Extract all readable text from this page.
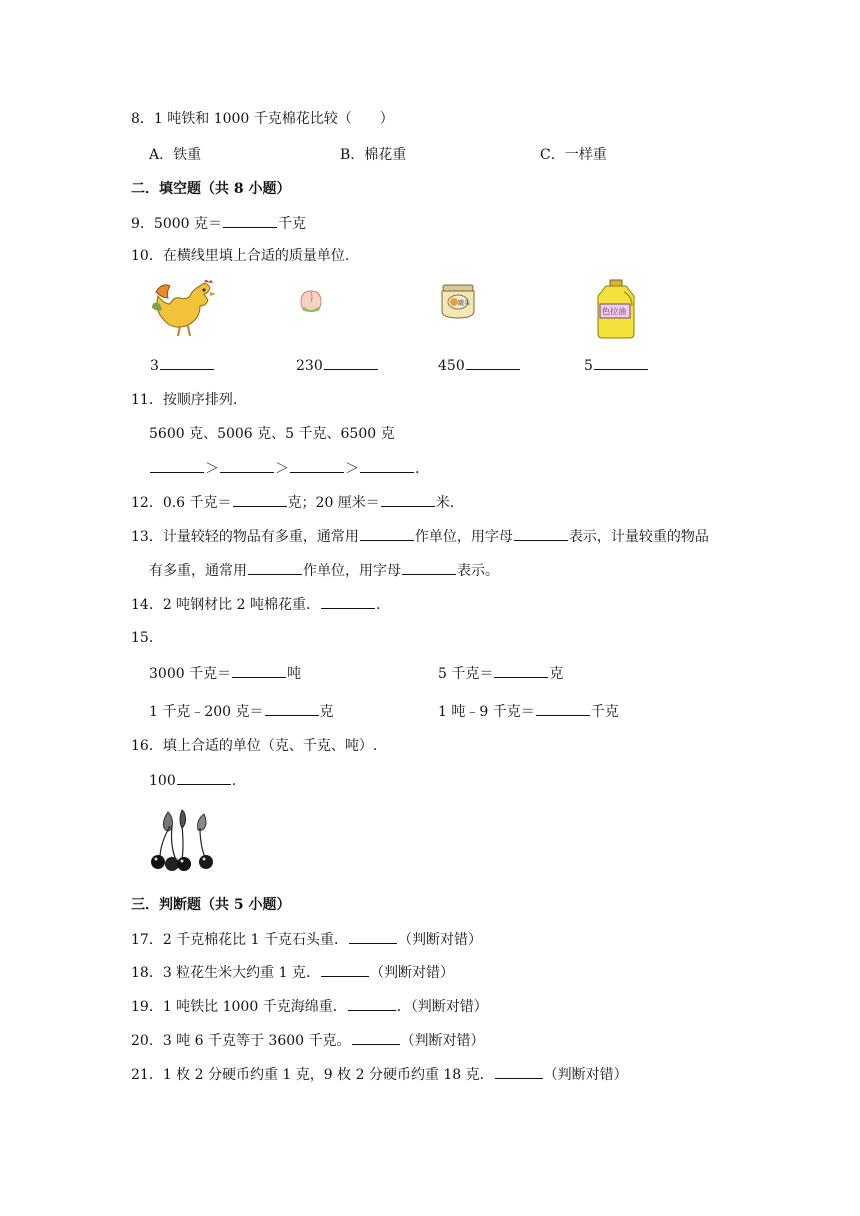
8．1 吨铁和 1000 千克棉花比较（　　）
A．铁重	B．棉花重	C．一样重
二．填空题（共 8 小题）
9．5000 克＝	千克
10．在横线里填上合适的质量单位.
罐头
色拉油
3	230	450	5
11．按顺序排列.
5600 克、5006 克、5 千克、6500 克
＞	＞	＞	.
12．0.6 千克＝	克；20 厘米＝	米.
13．计量较轻的物品有多重，通常用	作单位，用字母	表示，计量较重的物品
有多重，通常用	作单位，用字母	表示。
14．2 吨钢材比 2 吨棉花重．	.
15．
3000 千克＝	吨	5 千克＝	克
1 千克﹣200 克＝	克	1 吨﹣9 千克＝	千克
16．填上合适的单位（克、千克、吨）.
100	.
三．判断题（共 5 小题）
17．2 千克棉花比 1 千克石头重．	（判断对错）
18．3 粒花生米大约重 1 克．	（判断对错）
19．1 吨铁比 1000 千克海绵重．	．（判断对错）
20．3 吨 6 千克等于 3600 千克。	（判断对错）
21．1 枚 2 分硬币约重 1 克，9 枚 2 分硬币约重 18 克．	（判断对错）
